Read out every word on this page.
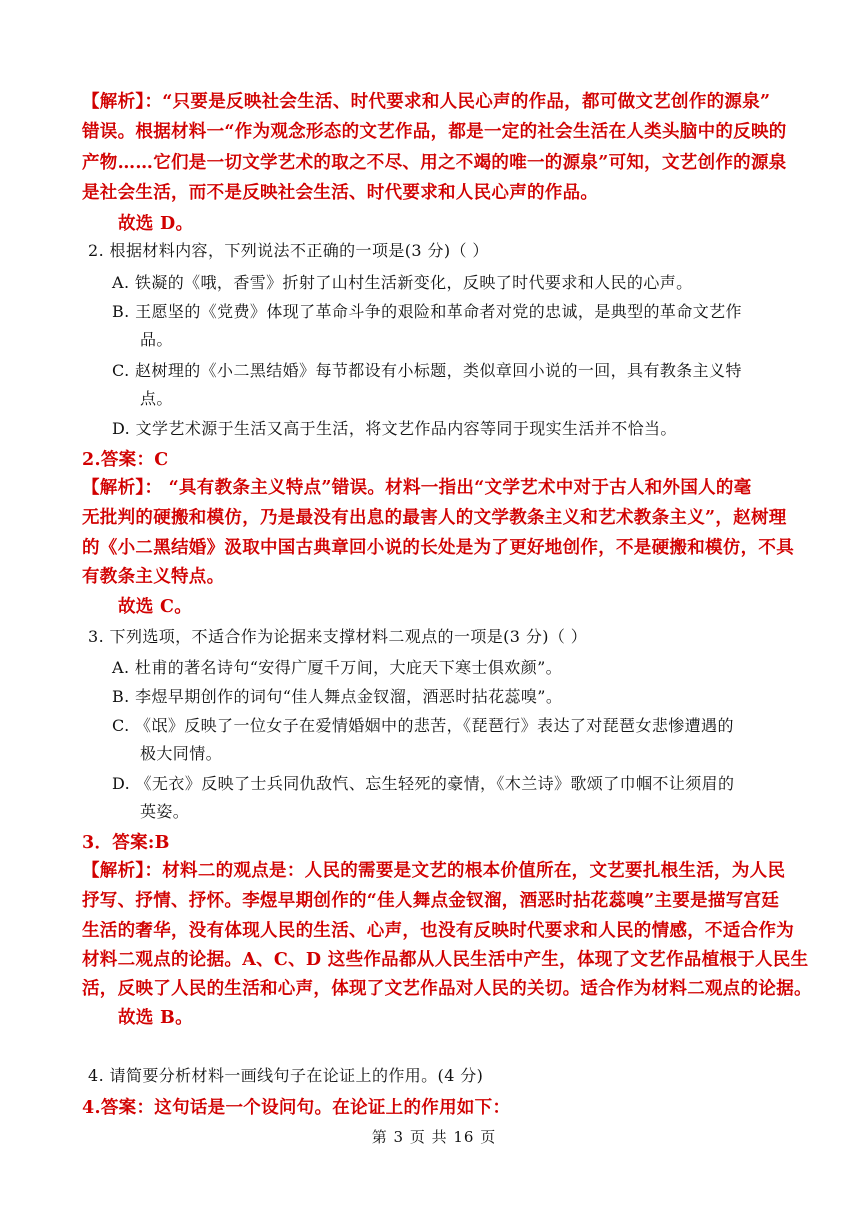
【解析】：“只要是反映社会生活、时代要求和人民心声的作品，都可做文艺创作的源泉”
错误。根据材料一“作为观念形态的文艺作品，都是一定的社会生活在人类头脑中的反映的
产物……它们是一切文学艺术的取之不尽、用之不竭的唯一的源泉”可知，文艺创作的源泉
是社会生活，而不是反映社会生活、时代要求和人民心声的作品。
故选 D。
2. 根据材料内容，下列说法不正确的一项是(3 分)（ ）
A. 铁凝的《哦，香雪》折射了山村生活新变化，反映了时代要求和人民的心声。
B. 王愿坚的《党费》体现了革命斗争的艰险和革命者对党的忠诚，是典型的革命文艺作
品。
C. 赵树理的《小二黑结婚》每节都设有小标题，类似章回小说的一回，具有教条主义特
点。
D. 文学艺术源于生活又高于生活，将文艺作品内容等同于现实生活并不恰当。
2.答案：C
【解析】： “具有教条主义特点”错误。材料一指出“文学艺术中对于古人和外国人的毫
无批判的硬搬和模仿，乃是最没有出息的最害人的文学教条主义和艺术教条主义”，赵树理
的《小二黑结婚》汲取中国古典章回小说的长处是为了更好地创作，不是硬搬和模仿，不具
有教条主义特点。
故选 C。
3. 下列选项，不适合作为论据来支撑材料二观点的一项是(3 分)（ ）
A. 杜甫的著名诗句“安得广厦千万间，大庇天下寒士俱欢颜”。
B. 李煜早期创作的词句“佳人舞点金钗溜，酒恶时拈花蕊嗅”。
C. 《氓》反映了一位女子在爱情婚姻中的悲苦，《琵琶行》表达了对琵琶女悲惨遭遇的
极大同情。
D. 《无衣》反映了士兵同仇敌忾、忘生轻死的豪情，《木兰诗》歌颂了巾帼不让须眉的
英姿。
3．答案:B
【解析】：材料二的观点是：人民的需要是文艺的根本价值所在，文艺要扎根生活，为人民
抒写、抒情、抒怀。李煜早期创作的“佳人舞点金钗溜，酒恶时拈花蕊嗅”主要是描写宫廷
生活的奢华，没有体现人民的生活、心声，也没有反映时代要求和人民的情感，不适合作为
材料二观点的论据。A、C、D 这些作品都从人民生活中产生，体现了文艺作品植根于人民生
活，反映了人民的生活和心声，体现了文艺作品对人民的关切。适合作为材料二观点的论据。
故选 B。
4. 请简要分析材料一画线句子在论证上的作用。(4 分)
4.答案：这句话是一个设问句。在论证上的作用如下：
第 3 页 共 16 页
